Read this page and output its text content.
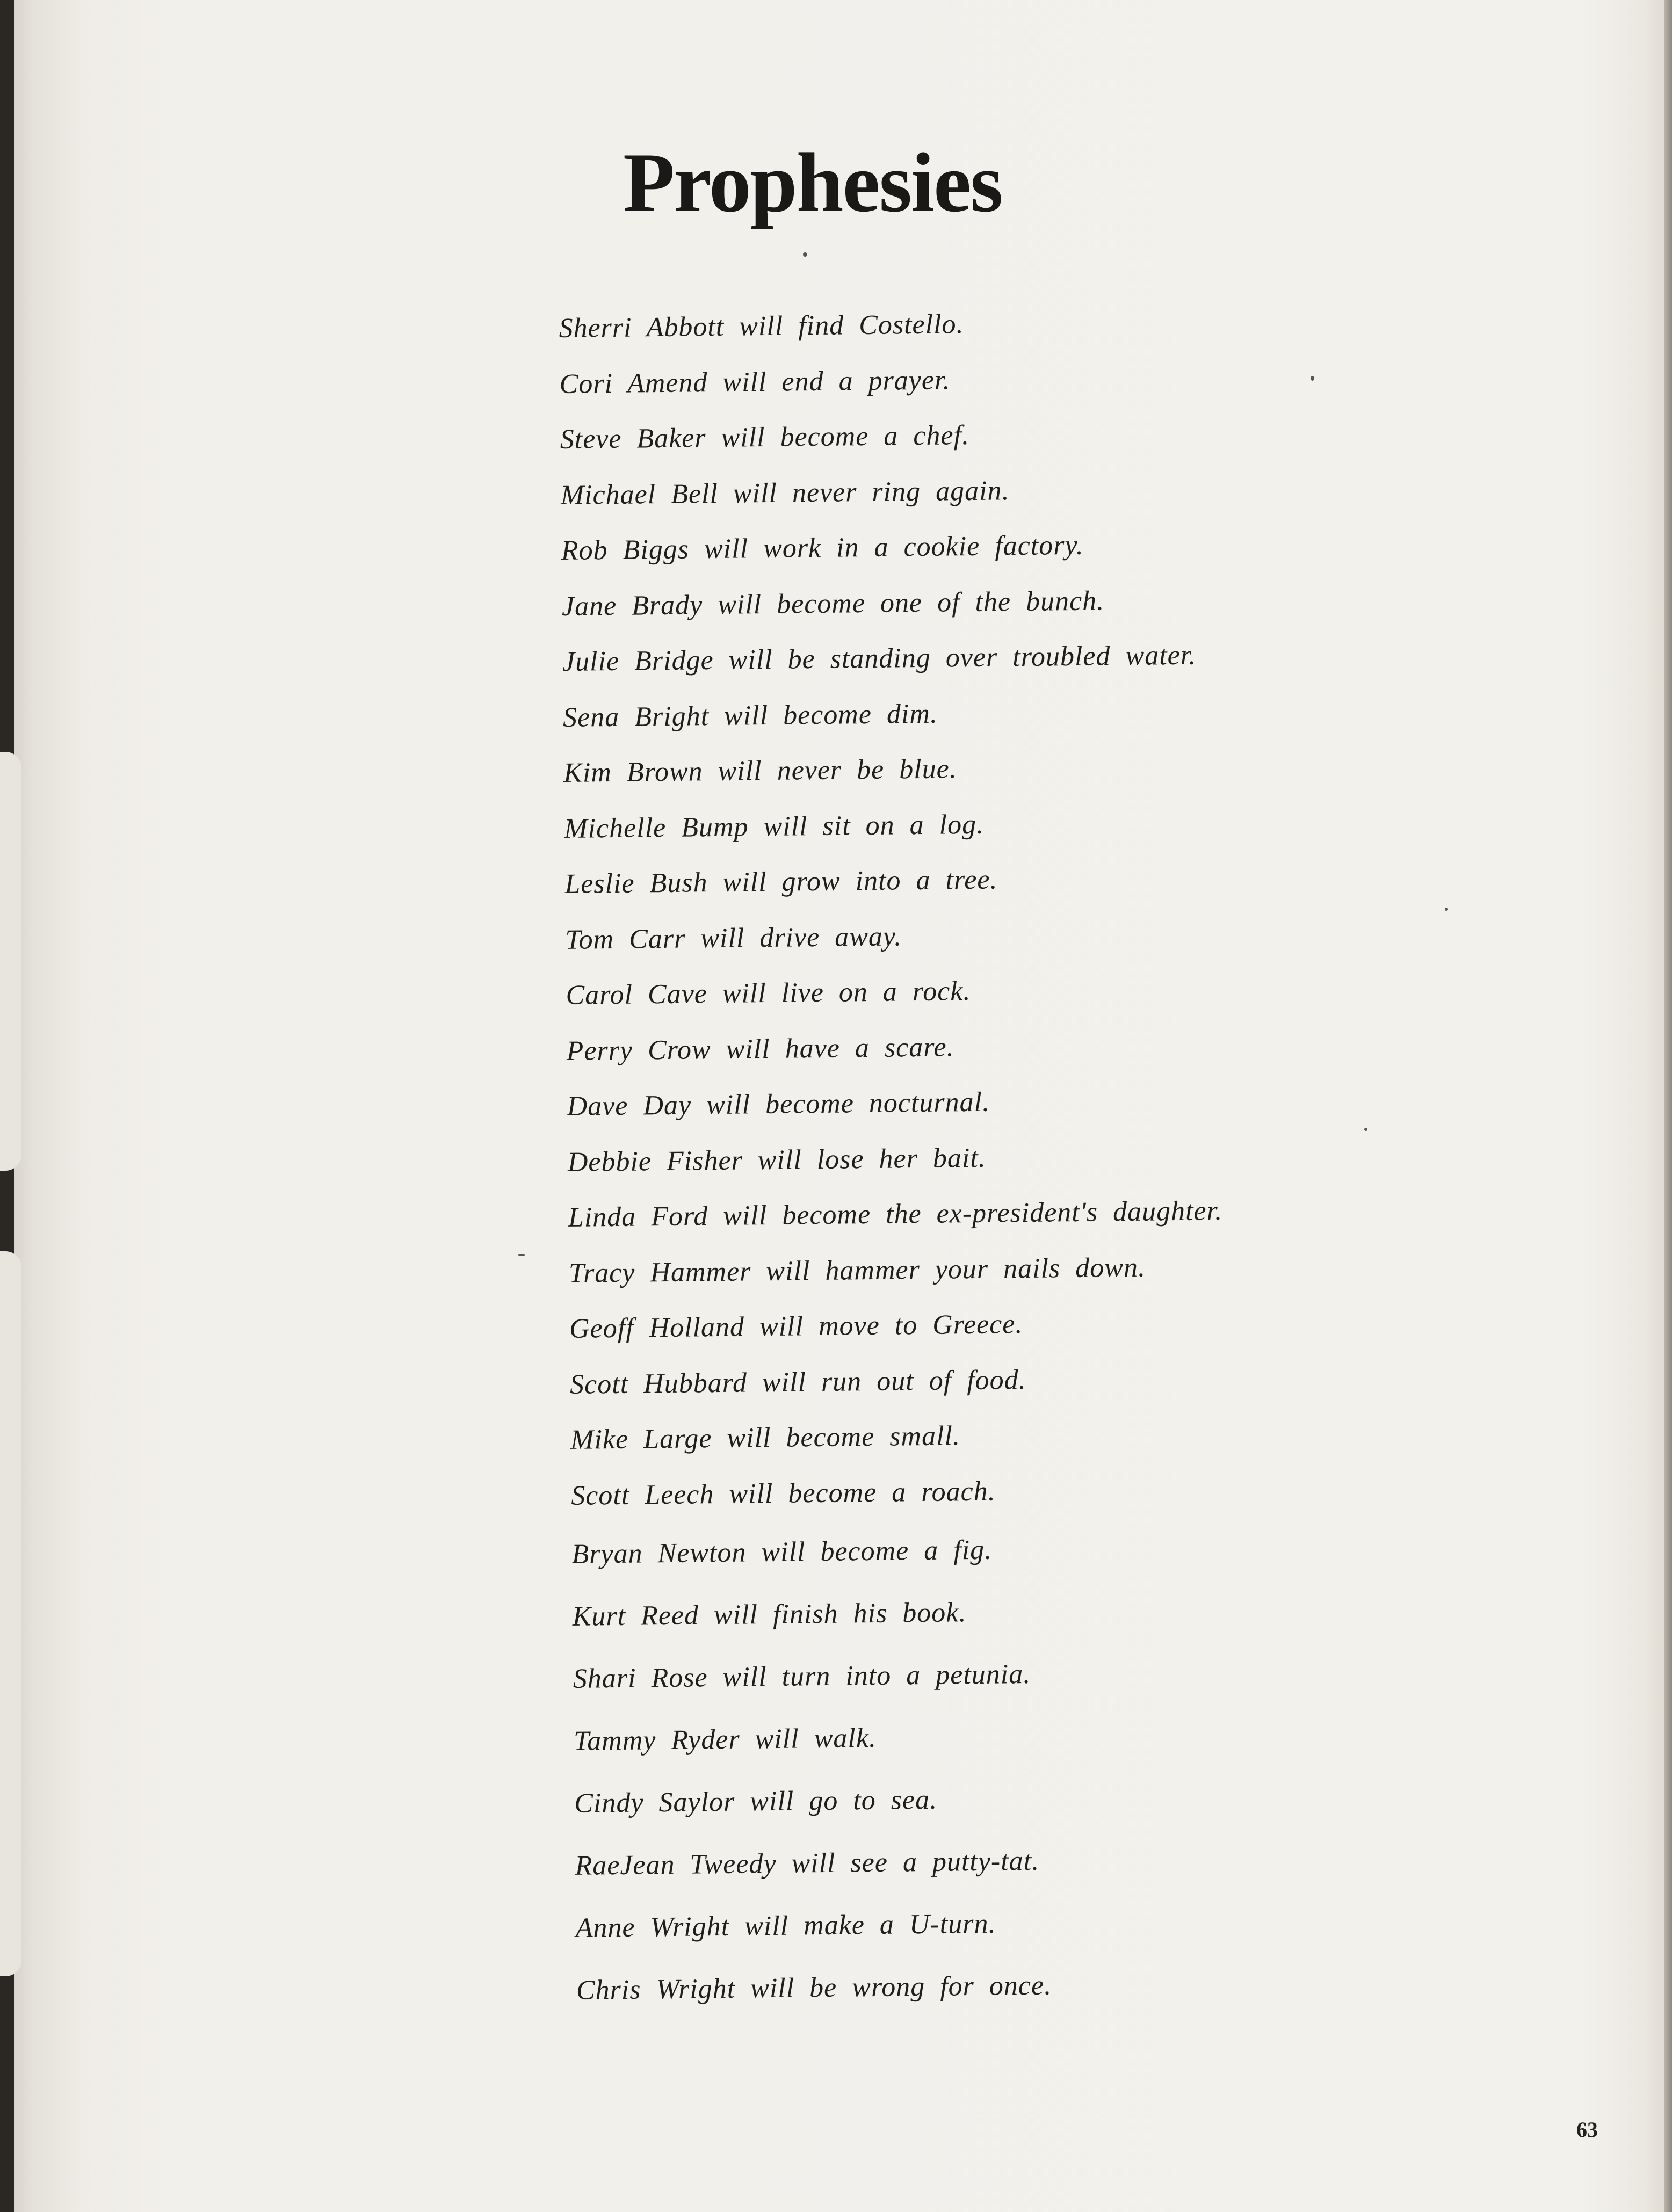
Prophesies
Sherri Abbott will find Costello.
Cori Amend will end a prayer.
Steve Baker will become a chef.
Michael Bell will never ring again.
Rob Biggs will work in a cookie factory.
Jane Brady will become one of the bunch.
Julie Bridge will be standing over troubled water.
Sena Bright will become dim.
Kim Brown will never be blue.
Michelle Bump will sit on a log.
Leslie Bush will grow into a tree.
Tom Carr will drive away.
Carol Cave will live on a rock.
Perry Crow will have a scare.
Dave Day will become nocturnal.
Debbie Fisher will lose her bait.
Linda Ford will become the ex-president's daughter.
Tracy Hammer will hammer your nails down.
Geoff Holland will move to Greece.
Scott Hubbard will run out of food.
Mike Large will become small.
Scott Leech will become a roach.
Bryan Newton will become a fig.
Kurt Reed will finish his book.
Shari Rose will turn into a petunia.
Tammy Ryder will walk.
Cindy Saylor will go to sea.
RaeJean Tweedy will see a putty-tat.
Anne Wright will make a U-turn.
Chris Wright will be wrong for once.
63
